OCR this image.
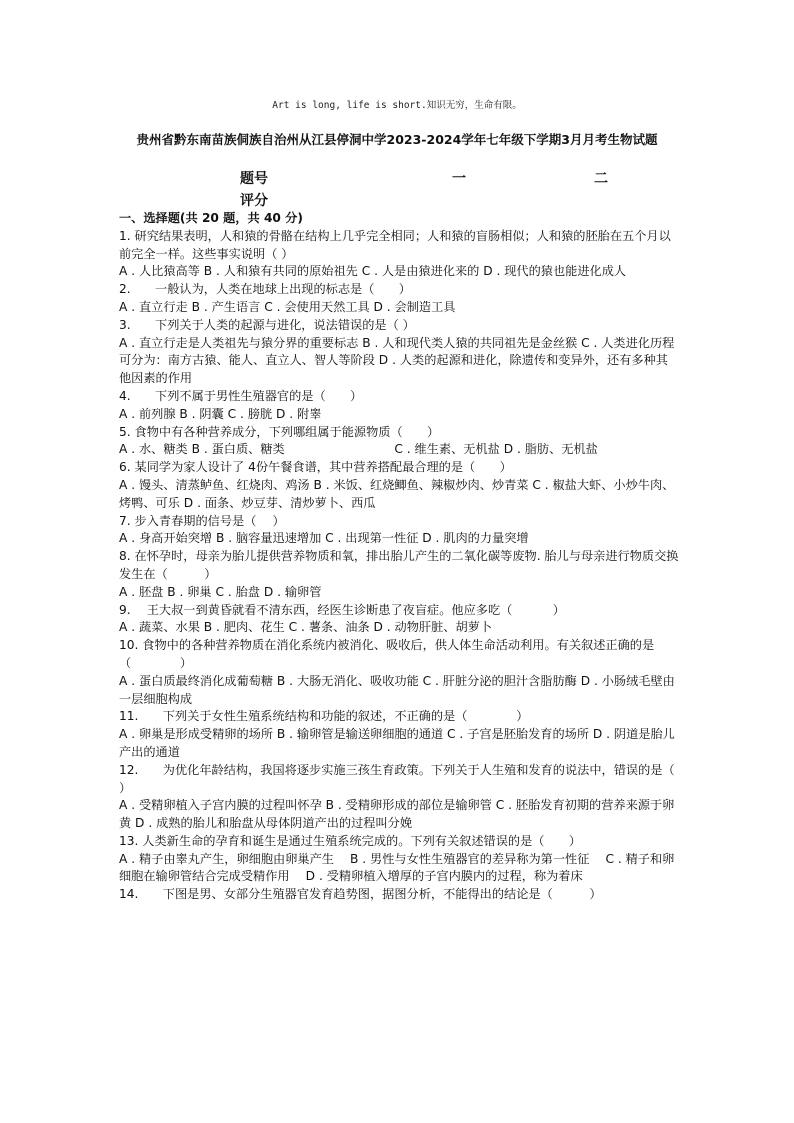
Art is long, life is short.知识无穷，生命有限。
贵州省黔东南苗族侗族自治州从江县停洞中学2023-2024学年七年级下学期3月月考生物试题
题号	一	二
评分
一、选择题(共 20 题，共 40 分)

1. 研究结果表明，人和猿的骨骼在结构上几乎完全相同；人和猿的盲肠相似；人和猿的胚胎在五个月以前完全一样。这些事实说明（ ）

A . 人比猿高等 B . 人和猿有共同的原始祖先 C . 人是由猿进化来的 D . 现代的猿也能进化成人

2.　　一般认为，人类在地球上出现的标志是（　　）

A . 直立行走 B . 产生语言 C . 会使用天然工具 D . 会制造工具

3.　　下列关于人类的起源与进化，说法错误的是（ ）

A . 直立行走是人类祖先与猿分界的重要标志 B . 人和现代类人猿的共同祖先是金丝猴 C . 人类进化历程可分为：南方古猿、能人、直立人、智人等阶段 D . 人类的起源和进化，除遗传和变异外，还有多种其他因素的作用

4.　　下列不属于男性生殖器官的是（　　）

A . 前列腺 B . 阴囊 C . 膀胱 D . 附睾

5. 食物中有各种营养成分，下列哪组属于能源物质（　　）

A . 水、糖类 B . 蛋白质、糖类　　　　　　　　　C . 维生素、无机盐 D . 脂肪、无机盐

6. 某同学为家人设计了 4份午餐食谱，其中营养搭配最合理的是（　　）

A . 馒头、清蒸鲈鱼、红烧肉、鸡汤 B . 米饭、红烧鲫鱼、辣椒炒肉、炒青菜 C . 椒盐大虾、小炒牛肉、烤鸭、可乐 D . 面条、炒豆芽、清炒萝卜、西瓜

7. 步入青春期的信号是（　 ）

A . 身高开始突增 B . 脑容量迅速增加 C . 出现第一性征 D . 肌肉的力量突增

8. 在怀孕时，母亲为胎儿提供营养物质和氧，排出胎儿产生的二氧化碳等废物. 胎儿与母亲进行物质交换发生在（　　　）

A . 胚盘 B . 卵巢 C . 胎盘 D . 输卵管

9.　 王大叔一到黄昏就看不清东西，经医生诊断患了夜盲症。他应多吃（　　　 ）

A . 蔬菜、水果 B . 肥肉、花生 C . 薯条、油条 D . 动物肝脏、胡萝卜

10. 食物中的各种营养物质在消化系统内被消化、吸收后，供人体生命活动利用。有关叙述正确的是（　　　　）

A . 蛋白质最终消化成葡萄糖 B . 大肠无消化、吸收功能 C . 肝脏分泌的胆汁含脂肪酶 D . 小肠绒毛壁由一层细胞构成

11.　　下列关于女性生殖系统结构和功能的叙述，不正确的是（　　　　）

A . 卵巢是形成受精卵的场所 B . 输卵管是输送卵细胞的通道 C . 子宫是胚胎发育的场所 D . 阴道是胎儿产出的通道

12.　　为优化年龄结构，我国将逐步实施三孩生育政策。下列关于人生殖和发育的说法中，错误的是（ ）

A . 受精卵植入子宫内膜的过程叫怀孕 B . 受精卵形成的部位是输卵管 C . 胚胎发育初期的营养来源于卵黄 D . 成熟的胎儿和胎盘从母体阴道产出的过程叫分娩

13. 人类新生命的孕育和诞生是通过生殖系统完成的。下列有关叙述错误的是（　　）

A . 精子由睾丸产生，卵细胞由卵巢产生　 B . 男性与女性生殖器官的差异称为第一性征　 C . 精子和卵细胞在输卵管结合完成受精作用　 D . 受精卵植入增厚的子宫内膜内的过程，称为着床

14.　　下图是男、女部分生殖器官发育趋势图，据图分析，不能得出的结论是（　　　）
